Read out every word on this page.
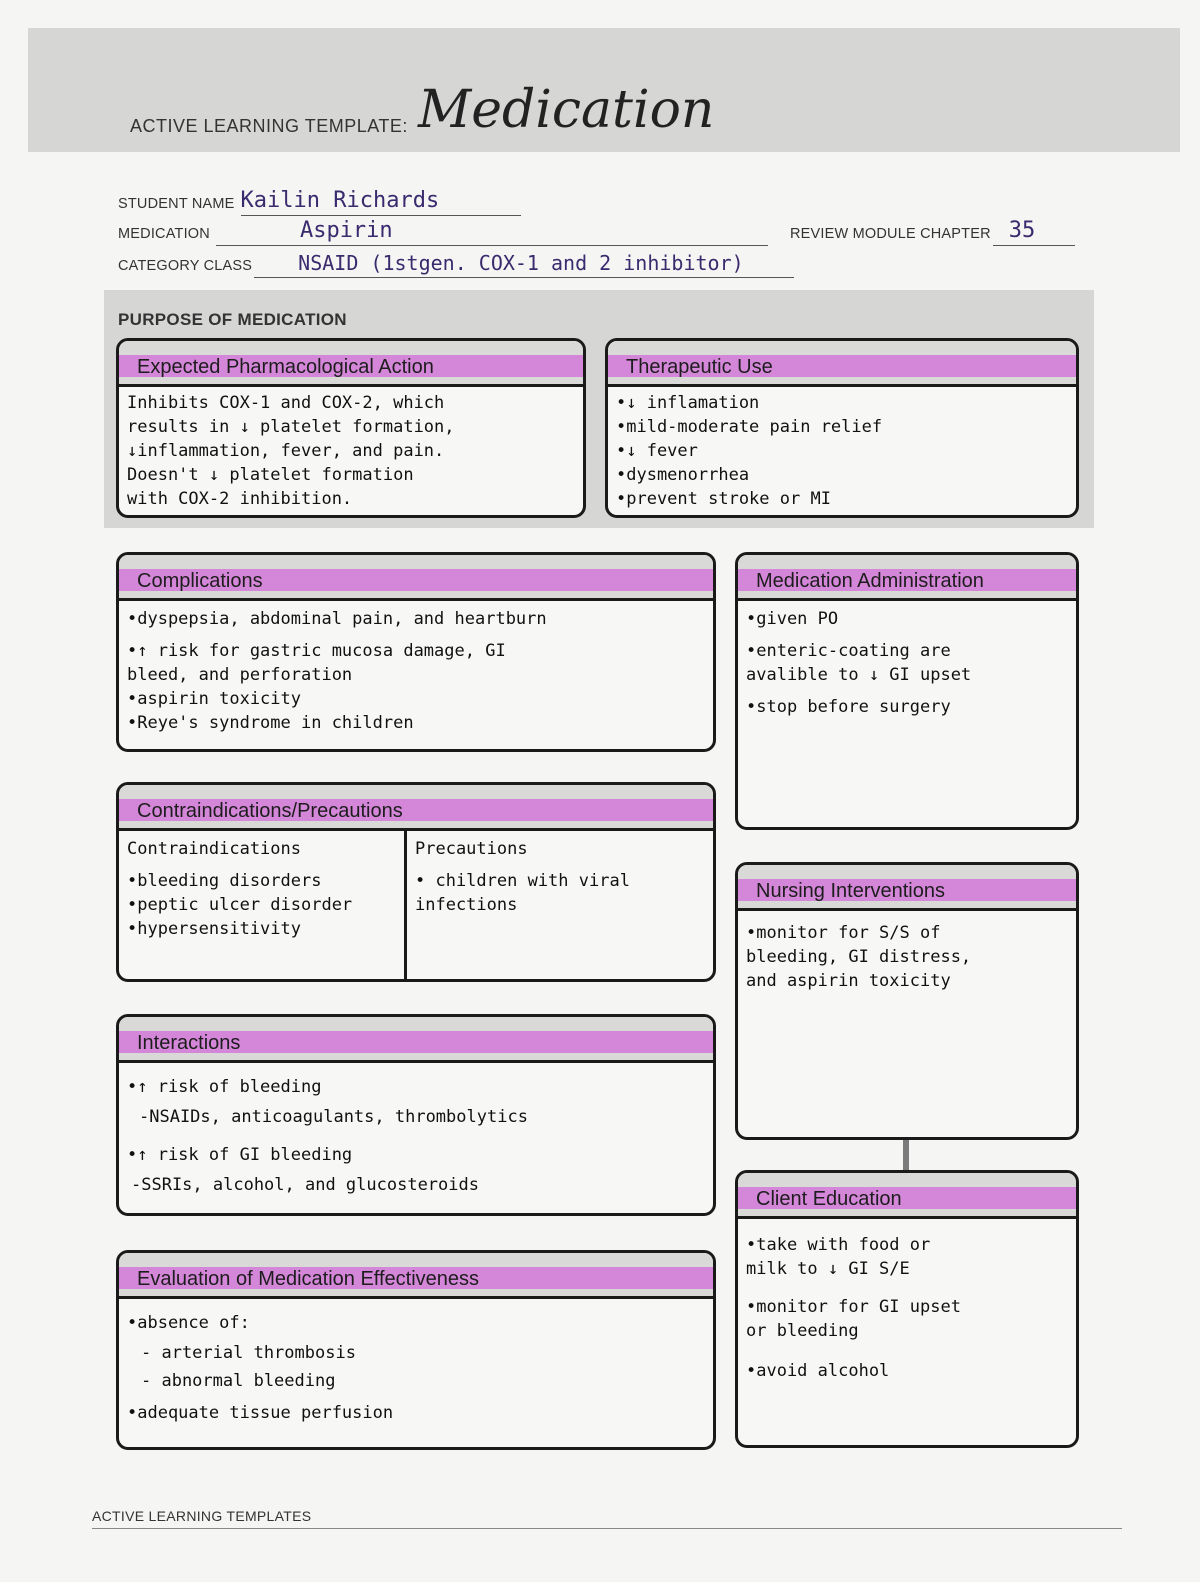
ACTIVE LEARNING TEMPLATE: Medication
STUDENT NAME Kailin Richards
MEDICATION	Aspirin	REVIEW MODULE CHAPTER 35
CATEGORY CLASS NSAID (1stgen. COX-1 and 2 inhibitor)
PURPOSE OF MEDICATION
Expected Pharmacological Action
Inhibits COX-1 and COX-2, which
results in ↓ platelet formation,
↓inflammation, fever, and pain.
Doesn't ↓ platelet formation
with COX-2 inhibition.
Therapeutic Use
•↓ inflamation
•mild-moderate pain relief
•↓ fever
•dysmenorrhea
•prevent stroke or MI
Complications
•dyspepsia, abdominal pain, and heartburn
•↑ risk for gastric mucosa damage, GI
bleed, and perforation
•aspirin toxicity
•Reye's syndrome in children
Medication Administration
•given PO
•enteric-coating are
avalible to ↓ GI upset
•stop before surgery
Contraindications/Precautions
Contraindications
•bleeding disorders
•peptic ulcer disorder
•hypersensitivity
Precautions
• children with viral
infections
Nursing Interventions
•monitor for S/S of
bleeding, GI distress,
and aspirin toxicity
Interactions
•↑ risk of bleeding
-NSAIDs, anticoagulants, thrombolytics
•↑ risk of GI bleeding
-SSRIs, alcohol, and glucosteroids
Client Education
•take with food or
milk to ↓ GI S/E
•monitor for GI upset
or bleeding
•avoid alcohol
Evaluation of Medication Effectiveness
•absence of:
- arterial thrombosis
- abnormal bleeding
•adequate tissue perfusion
ACTIVE LEARNING TEMPLATES
